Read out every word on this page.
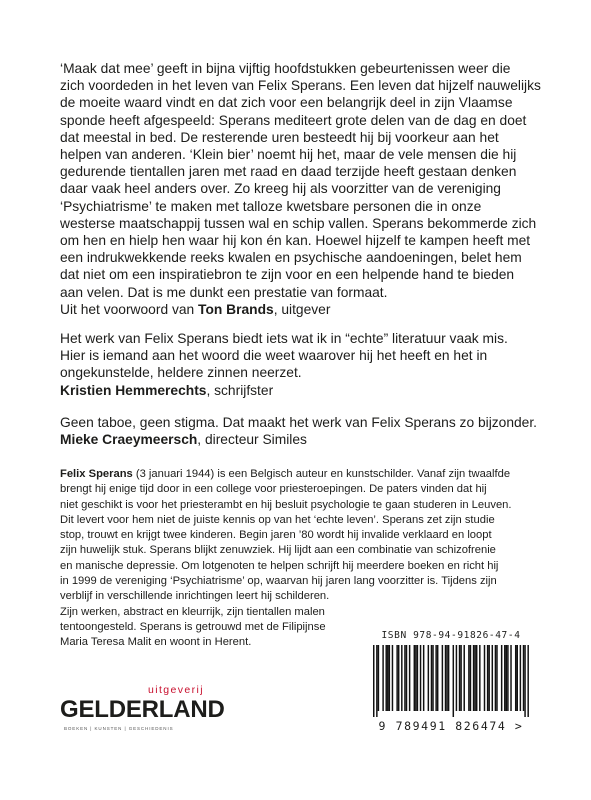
‘Maak dat mee’ geeft in bijna vijftig hoofdstukken gebeurtenissen weer die

zich voordeden in het leven van Felix Sperans. Een leven dat hijzelf nauwelijks

de moeite waard vindt en dat zich voor een belangrijk deel in zijn Vlaamse

sponde heeft afgespeeld: Sperans mediteert grote delen van de dag en doet

dat meestal in bed. De resterende uren besteedt hij bij voorkeur aan het

helpen van anderen. ‘Klein bier’ noemt hij het, maar de vele mensen die hij

gedurende tientallen jaren met raad en daad terzijde heeft gestaan denken

daar vaak heel anders over. Zo kreeg hij als voorzitter van de vereniging

‘Psychiatrisme’ te maken met talloze kwetsbare personen die in onze

westerse maatschappij tussen wal en schip vallen. Sperans bekommerde zich

om hen en hielp hen waar hij kon én kan. Hoewel hijzelf te kampen heeft met

een indrukwekkende reeks kwalen en psychische aandoeningen, belet hem

dat niet om een inspiratiebron te zijn voor en een helpende hand te bieden

aan velen. Dat is me dunkt een prestatie van formaat.

Uit het voorwoord van Ton Brands, uitgever

Het werk van Felix Sperans biedt iets wat ik in “echte” literatuur vaak mis.

Hier is iemand aan het woord die weet waarover hij het heeft en het in

ongekunstelde, heldere zinnen neerzet.

Kristien Hemmerechts, schrijfster

Geen taboe, geen stigma. Dat maakt het werk van Felix Sperans zo bijzonder.

Mieke Craeymeersch, directeur Similes

Felix Sperans (3 januari 1944) is een Belgisch auteur en kunstschilder. Vanaf zijn twaalfde

brengt hij enige tijd door in een college voor priesteroepingen. De paters vinden dat hij

niet geschikt is voor het priesterambt en hij besluit psychologie te gaan studeren in Leuven.

Dit levert voor hem niet de juiste kennis op van het ‘echte leven’. Sperans zet zijn studie

stop, trouwt en krijgt twee kinderen. Begin jaren ’80 wordt hij invalide verklaard en loopt

zijn huwelijk stuk. Sperans blijkt zenuwziek. Hij lijdt aan een combinatie van schizofrenie

en manische depressie. Om lotgenoten te helpen schrijft hij meerdere boeken en richt hij

in 1999 de vereniging ‘Psychiatrisme’ op, waarvan hij jaren lang voorzitter is. Tijdens zijn

verblijf in verschillende inrichtingen leert hij schilderen.

Zijn werken, abstract en kleurrijk, zijn tientallen malen

tentoongesteld. Sperans is getrouwd met de Filipijnse

Maria Teresa Malit en woont in Herent.

ISBN 978-94-91826-47-4
9 789491 826474 >
uitgeverij
GELDERLAND
BOEKEN | KUNSTEN | GESCHIEDENIS
